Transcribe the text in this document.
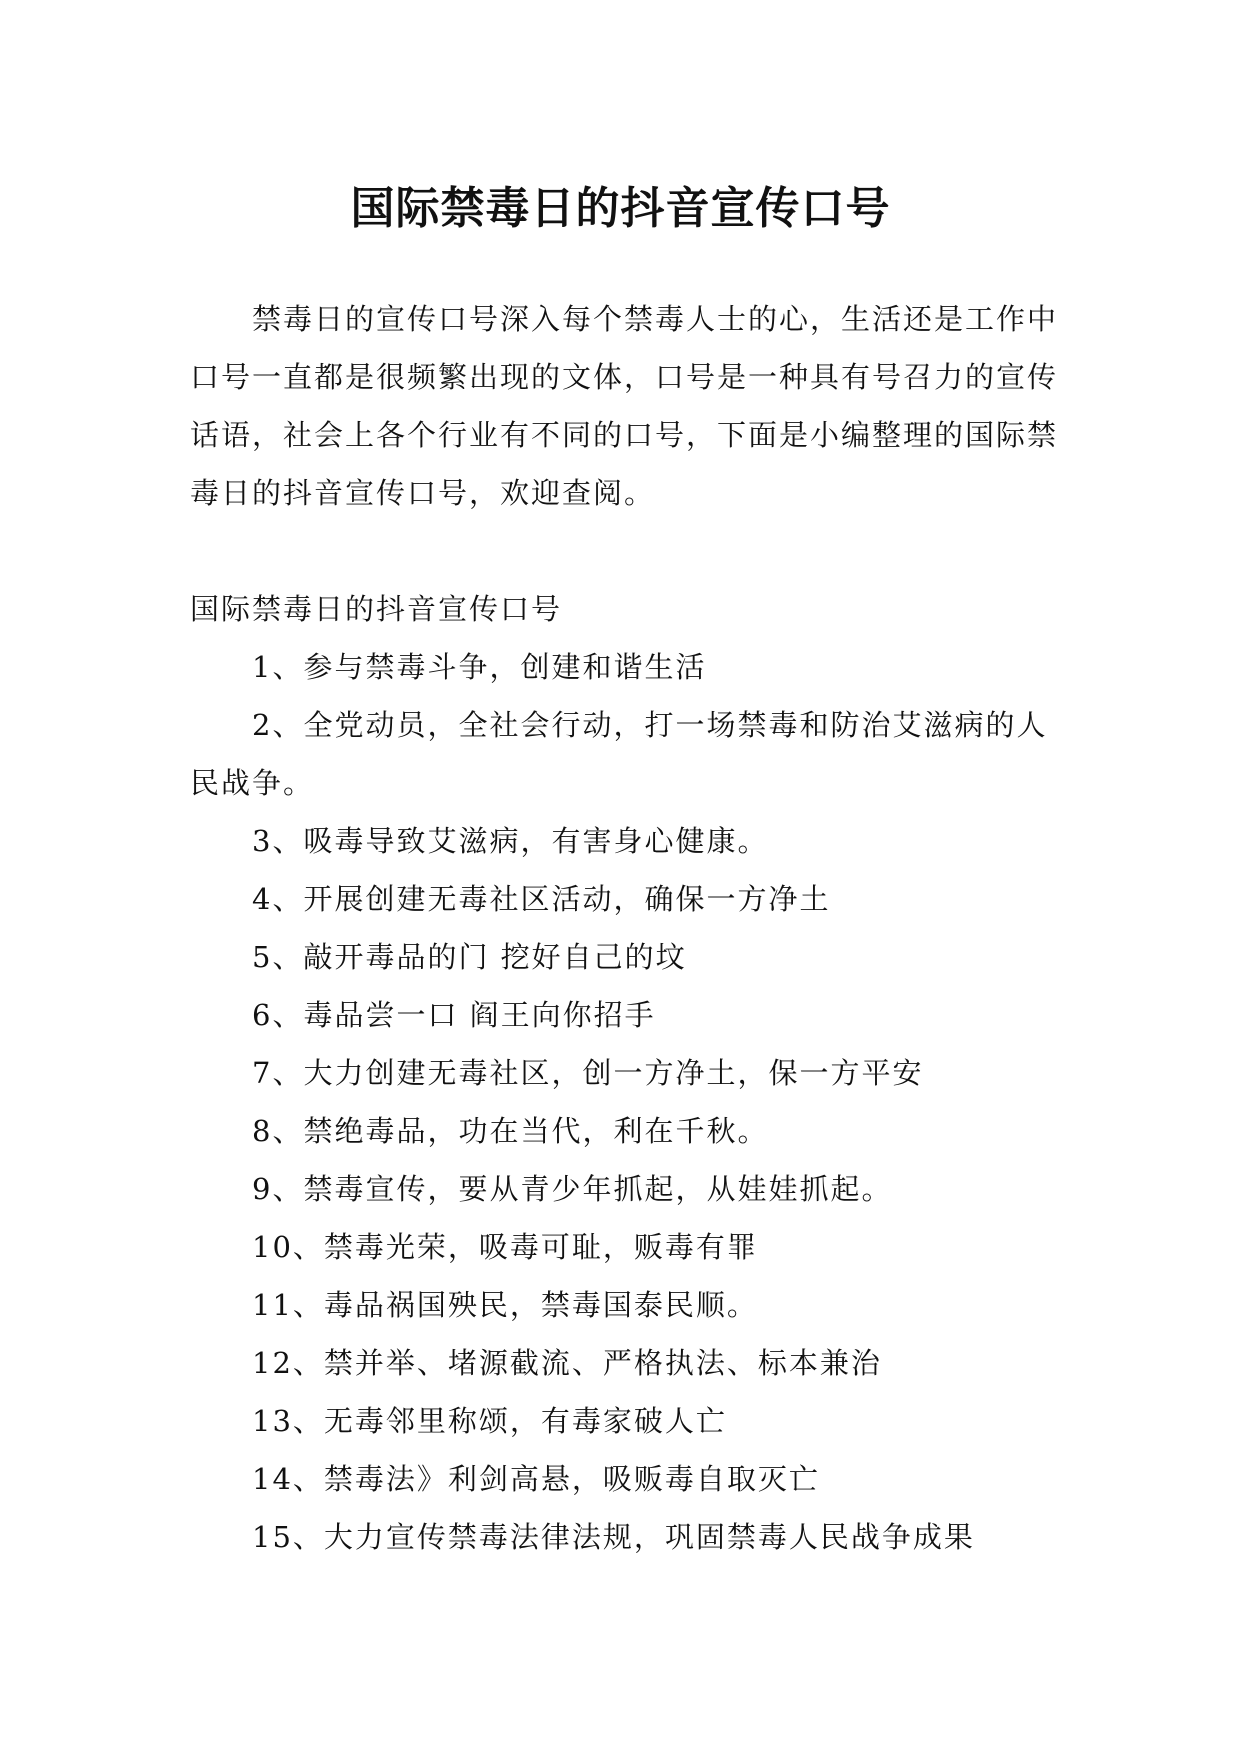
国际禁毒日的抖音宣传口号

禁毒日的宣传口号深入每个禁毒人士的心，生活还是工作中口号一直都是很频繁出现的文体，口号是一种具有号召力的宣传话语，社会上各个行业有不同的口号，下面是小编整理的国际禁毒日的抖音宣传口号，欢迎查阅。

国际禁毒日的抖音宣传口号

1、参与禁毒斗争，创建和谐生活
2、全党动员，全社会行动，打一场禁毒和防治艾滋病的人民战争。
3、吸毒导致艾滋病，有害身心健康。
4、开展创建无毒社区活动，确保一方净土
5、敲开毒品的门 挖好自己的坟
6、毒品尝一口 阎王向你招手
7、大力创建无毒社区，创一方净土，保一方平安
8、禁绝毒品，功在当代，利在千秋。
9、禁毒宣传，要从青少年抓起，从娃娃抓起。
10、禁毒光荣，吸毒可耻，贩毒有罪
11、毒品祸国殃民，禁毒国泰民顺。
12、禁并举、堵源截流、严格执法、标本兼治
13、无毒邻里称颂，有毒家破人亡
14、禁毒法》利剑高悬，吸贩毒自取灭亡
15、大力宣传禁毒法律法规，巩固禁毒人民战争成果
